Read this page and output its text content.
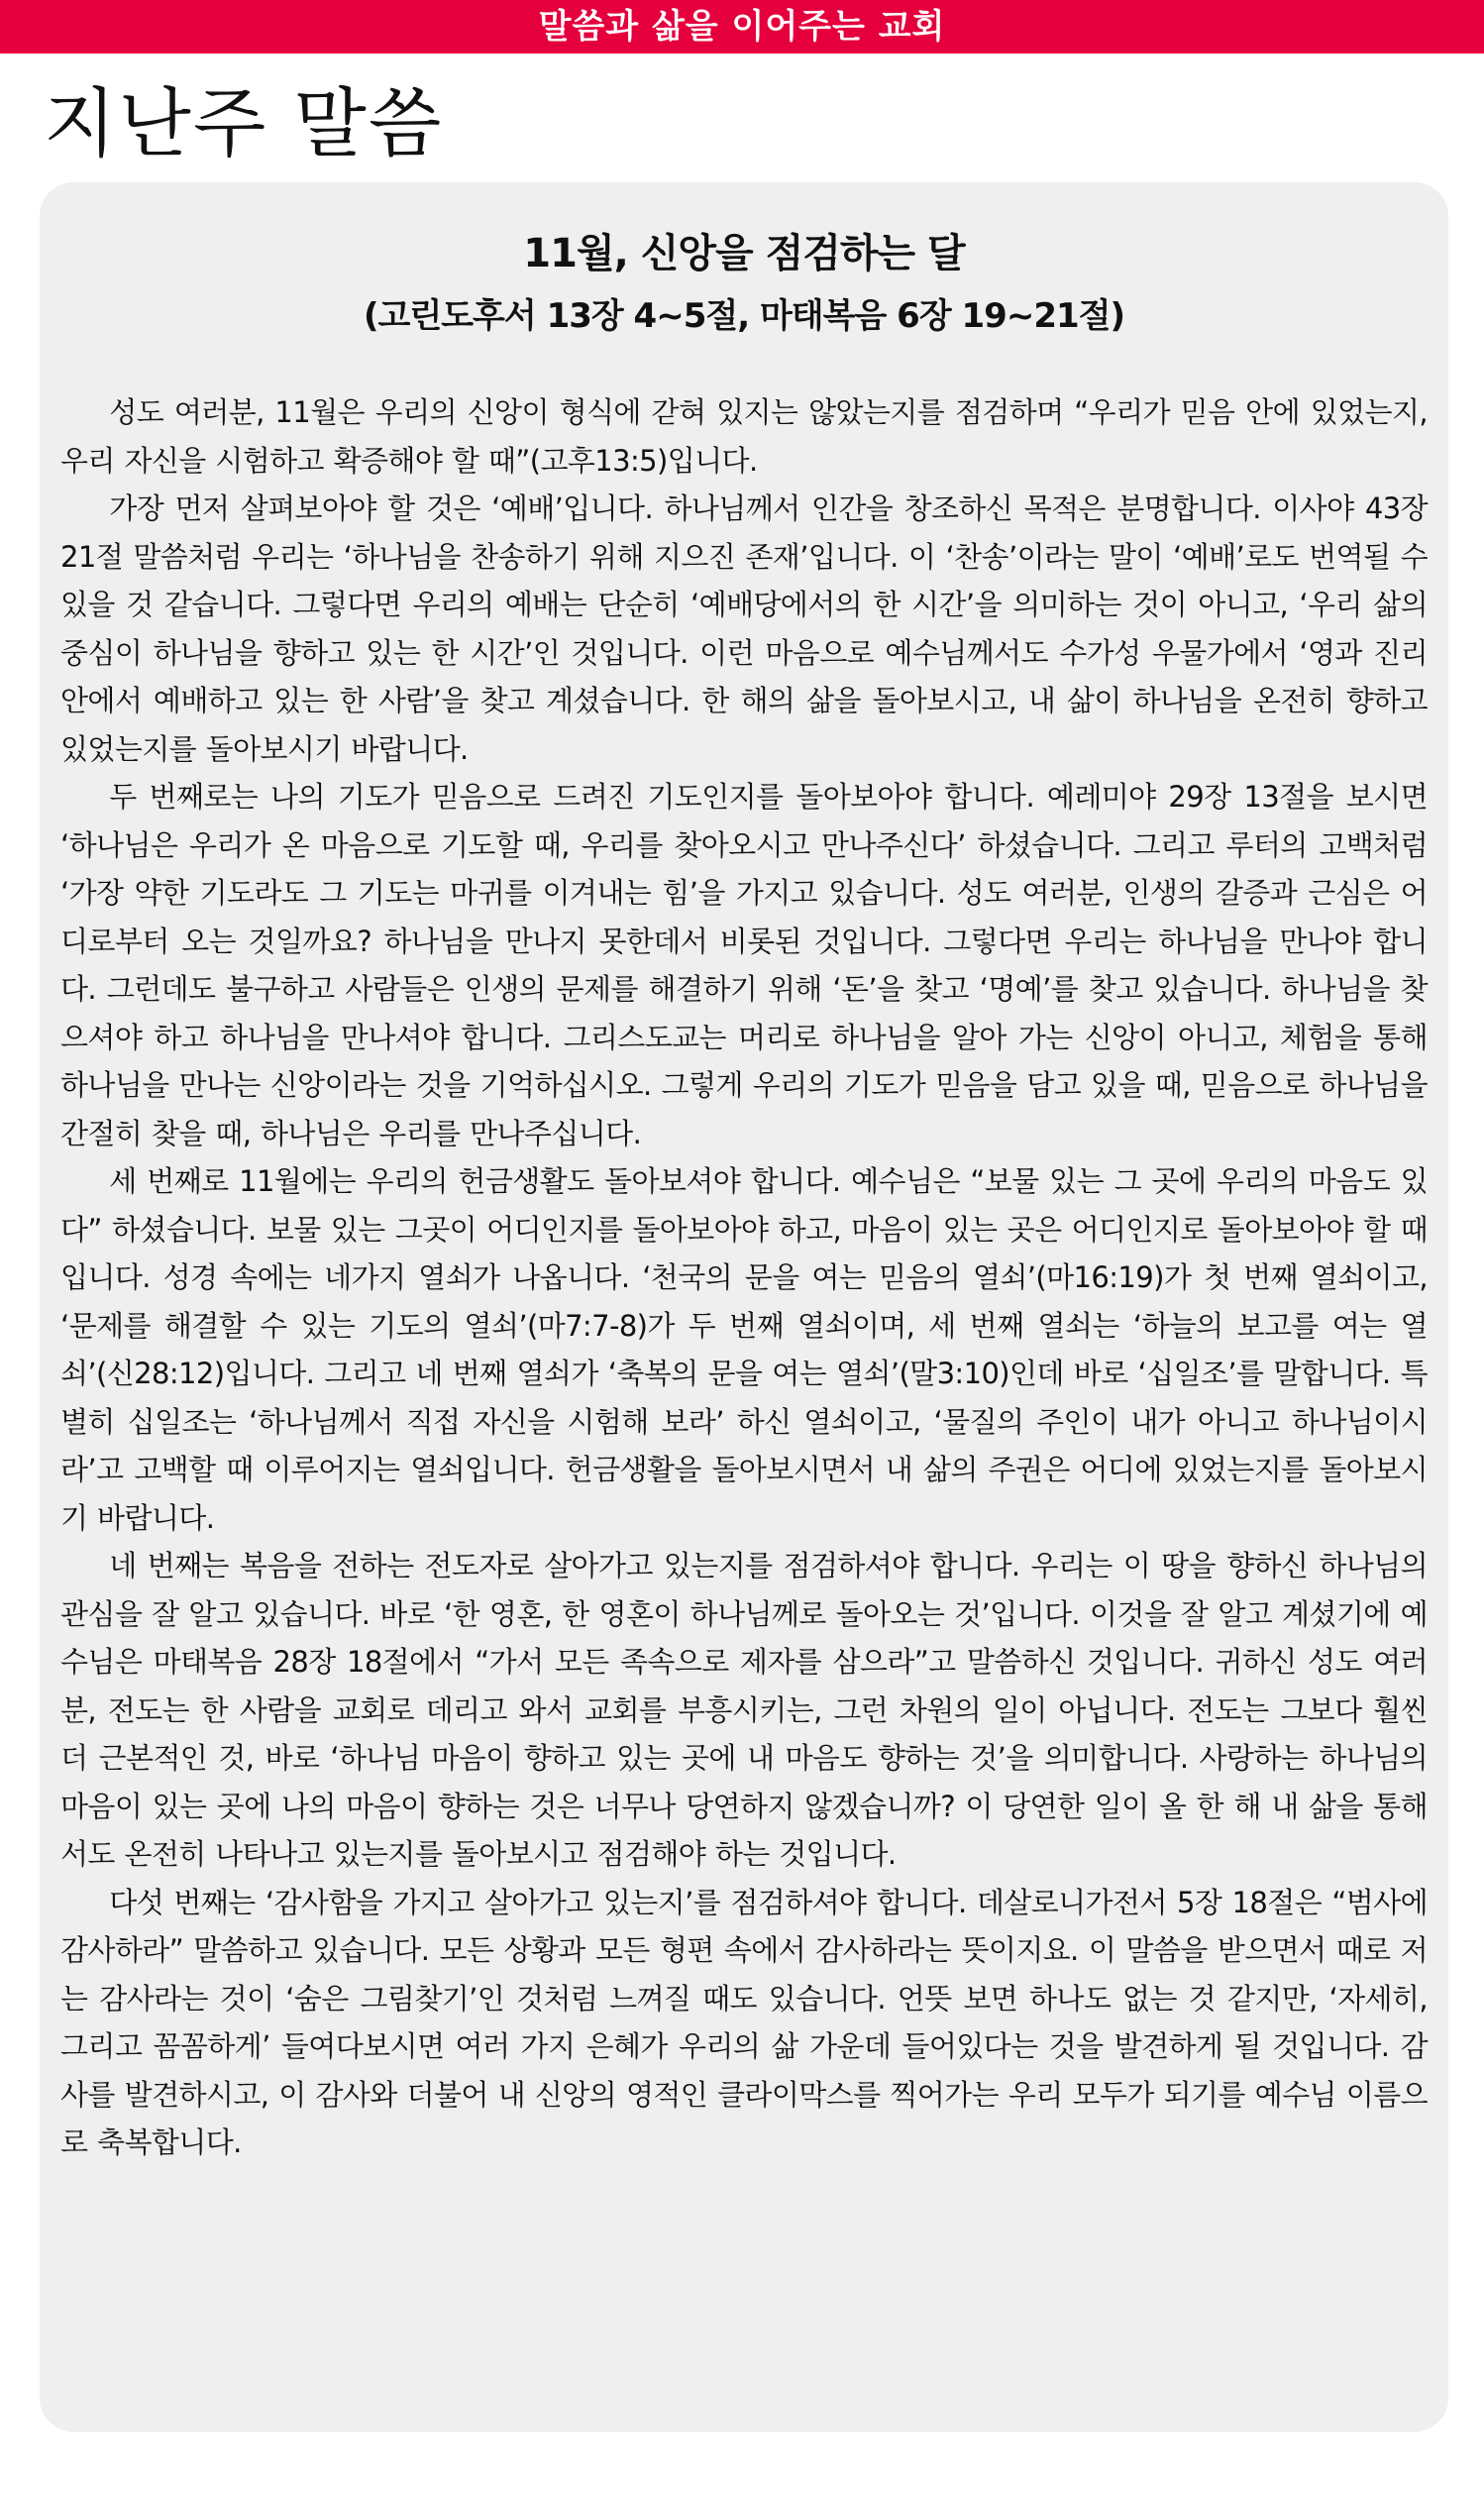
말씀과 삶을 이어주는 교회
지난주 말씀
11월, 신앙을 점검하는 달
(고린도후서 13장 4~5절, 마태복음 6장 19~21절)

성도 여러분, 11월은 우리의 신앙이 형식에 갇혀 있지는 않았는지를 점검하며 “우리가 믿음 안에 있었는지, 우리 자신을 시험하고 확증해야 할 때”(고후13:5)입니다.

가장 먼저 살펴보아야 할 것은 ‘예배’입니다. 하나님께서 인간을 창조하신 목적은 분명합니다. 이사야 43장 21절 말씀처럼 우리는 ‘하나님을 찬송하기 위해 지으진 존재’입니다. 이 ‘찬송’이라는 말이 ‘예배’로도 번역될 수 있을 것 같습니다. 그렇다면 우리의 예배는 단순히 ‘예배당에서의 한 시간’을 의미하는 것이 아니고, ‘우리 삶의 중심이 하나님을 향하고 있는 한 시간’인 것입니다. 이런 마음으로 예수님께서도 수가성 우물가에서 ‘영과 진리 안에서 예배하고 있는 한 사람’을 찾고 계셨습니다. 한 해의 삶을 돌아보시고, 내 삶이 하나님을 온전히 향하고 있었는지를 돌아보시기 바랍니다.

두 번째로는 나의 기도가 믿음으로 드려진 기도인지를 돌아보아야 합니다. 예레미야 29장 13절을 보시면 ‘하나님은 우리가 온 마음으로 기도할 때, 우리를 찾아오시고 만나주신다’ 하셨습니다. 그리고 루터의 고백처럼 ‘가장 약한 기도라도 그 기도는 마귀를 이겨내는 힘’을 가지고 있습니다. 성도 여러분, 인생의 갈증과 근심은 어디로부터 오는 것일까요? 하나님을 만나지 못한데서 비롯된 것입니다. 그렇다면 우리는 하나님을 만나야 합니다. 그런데도 불구하고 사람들은 인생의 문제를 해결하기 위해 ‘돈’을 찾고 ‘명예’를 찾고 있습니다. 하나님을 찾으셔야 하고 하나님을 만나셔야 합니다. 그리스도교는 머리로 하나님을 알아 가는 신앙이 아니고, 체험을 통해 하나님을 만나는 신앙이라는 것을 기억하십시오. 그렇게 우리의 기도가 믿음을 담고 있을 때, 믿음으로 하나님을 간절히 찾을 때, 하나님은 우리를 만나주십니다.

세 번째로 11월에는 우리의 헌금생활도 돌아보셔야 합니다. 예수님은 “보물 있는 그 곳에 우리의 마음도 있다” 하셨습니다. 보물 있는 그곳이 어디인지를 돌아보아야 하고, 마음이 있는 곳은 어디인지로 돌아보아야 할 때입니다. 성경 속에는 네가지 열쇠가 나옵니다. ‘천국의 문을 여는 믿음의 열쇠’(마16:19)가 첫 번째 열쇠이고, ‘문제를 해결할 수 있는 기도의 열쇠’(마7:7-8)가 두 번째 열쇠이며, 세 번째 열쇠는 ‘하늘의 보고를 여는 열쇠’(신28:12)입니다. 그리고 네 번째 열쇠가 ‘축복의 문을 여는 열쇠’(말3:10)인데 바로 ‘십일조’를 말합니다. 특별히 십일조는 ‘하나님께서 직접 자신을 시험해 보라’ 하신 열쇠이고, ‘물질의 주인이 내가 아니고 하나님이시라’고 고백할 때 이루어지는 열쇠입니다. 헌금생활을 돌아보시면서 내 삶의 주권은 어디에 있었는지를 돌아보시기 바랍니다.

네 번째는 복음을 전하는 전도자로 살아가고 있는지를 점검하셔야 합니다. 우리는 이 땅을 향하신 하나님의 관심을 잘 알고 있습니다. 바로 ‘한 영혼, 한 영혼이 하나님께로 돌아오는 것’입니다. 이것을 잘 알고 계셨기에 예수님은 마태복음 28장 18절에서 “가서 모든 족속으로 제자를 삼으라”고 말씀하신 것입니다. 귀하신 성도 여러분, 전도는 한 사람을 교회로 데리고 와서 교회를 부흥시키는, 그런 차원의 일이 아닙니다. 전도는 그보다 훨씬 더 근본적인 것, 바로 ‘하나님 마음이 향하고 있는 곳에 내 마음도 향하는 것’을 의미합니다. 사랑하는 하나님의 마음이 있는 곳에 나의 마음이 향하는 것은 너무나 당연하지 않겠습니까? 이 당연한 일이 올 한 해 내 삶을 통해서도 온전히 나타나고 있는지를 돌아보시고 점검해야 하는 것입니다.

다섯 번째는 ‘감사함을 가지고 살아가고 있는지’를 점검하셔야 합니다. 데살로니가전서 5장 18절은 “범사에 감사하라” 말씀하고 있습니다. 모든 상황과 모든 형편 속에서 감사하라는 뜻이지요. 이 말씀을 받으면서 때로 저는 감사라는 것이 ‘숨은 그림찾기’인 것처럼 느껴질 때도 있습니다. 언뜻 보면 하나도 없는 것 같지만, ‘자세히, 그리고 꼼꼼하게’ 들여다보시면 여러 가지 은혜가 우리의 삶 가운데 들어있다는 것을 발견하게 될 것입니다. 감사를 발견하시고, 이 감사와 더불어 내 신앙의 영적인 클라이막스를 찍어가는 우리 모두가 되기를 예수님 이름으로 축복합니다.
